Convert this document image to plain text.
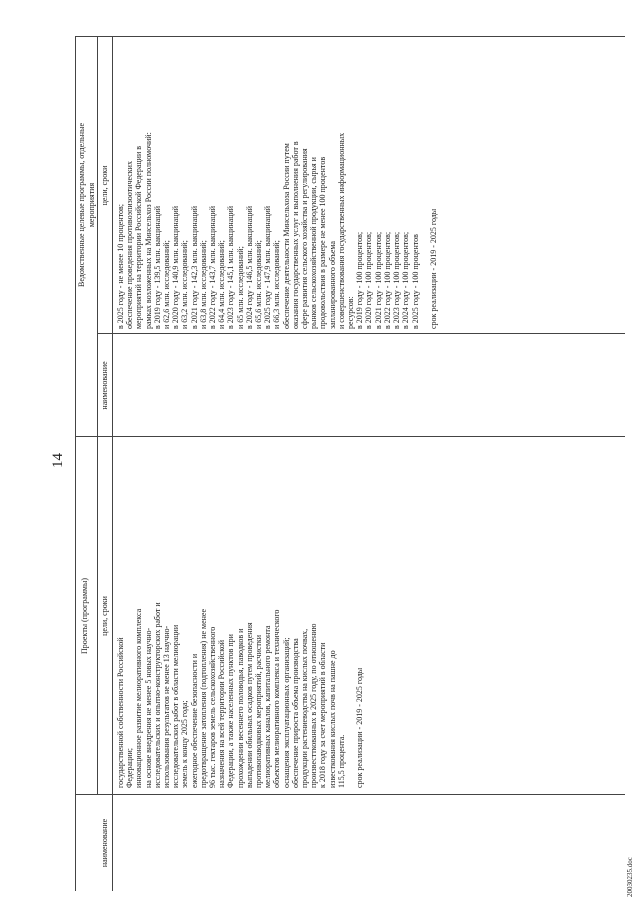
14
20030235.doc
Проекты (программы)
Ведомственные целевые программы, отдельные мероприятия
наименование
цели, сроки
наименование
цели, сроки
государственной собственности Российской Федерации; инновационное развитие мелиоративного комплекса на основе внедрения не менее 5 новых научно- исследовательских и опытно-конструкторских работ и использования результатов не менее 13 научно- исследовательских работ в области мелиорации земель к концу 2025 года; ежегодное обеспечение безопасности и предотвращение затопления (подтопления) не менее 96 тыс. гектаров земель сельскохозяйственного назначения на всей территории Российской Федерации, а также населенных пунктов при прохождении весеннего половодья, паводков и выпадении обильных осадков путем проведения противопаводковых мероприятий, расчистки мелиоративных каналов, капитального ремонта объектов мелиоративного комплекса и технического оснащения эксплуатационных организаций; обеспечение прироста объема производства продукции растениеводства на кислых почвах, произвестткованных в 2025 году, по отношению к 2018 году за счет мероприятий в области известкования кислых почв на пашне до 115,5 процента. срок реализации - 2019 - 2025 годы
в 2025 году - не менее 10 процентов; обеспечение проведения противоэпизоотических мероприятий на территории Российской Федерации в рамках возложенных на Минсельхоз России полномочий: в 2019 году - 139,5 млн. вакцинаций и 62,6 млн. исследований; в 2020 году - 140,9 млн. вакцинаций и 63,2 млн. исследований; в 2021 году - 142,3 млн. вакцинаций и 63,8 млн. исследований; в 2022 году - 143,7 млн. вакцинаций и 64,4 млн. исследований; в 2023 году - 145,1 млн. вакцинаций и 65 млн. исследований; в 2024 году - 146,5 млн. вакцинаций и 65,6 млн. исследований; в 2025 году - 147,9 млн. вакцинаций и 66,3 млн. исследований; обеспечение деятельности Минсельхоза России путем оказания государственных услуг и выполнения работ в сфере развития сельского хозяйства и регулирования рынков сельскохозяйственной продукции, сырья и продовольствия в размере не менее 100 процентов запланированного объема и совершенствования государственных информационных ресурсов: в 2019 году - 100 процентов; в 2020 году - 100 процентов; в 2021 году - 100 процентов; в 2022 году - 100 процентов; в 2023 году - 100 процентов; в 2024 году - 100 процентов; в 2025 году - 100 процентов срок реализации - 2019 - 2025 годы
